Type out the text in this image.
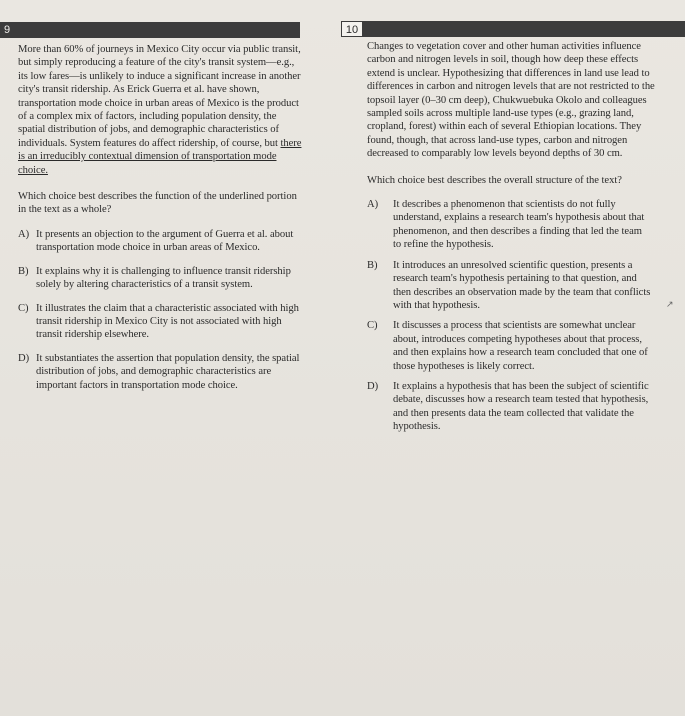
9	10

More than 60% of journeys in Mexico City occur via public transit, but simply reproducing a feature of the city's transit system—e.g., its low fares—is unlikely to induce a significant increase in another city's transit ridership. As Erick Guerra et al. have shown, transportation mode choice in urban areas of Mexico is the product of a complex mix of factors, including population density, the spatial distribution of jobs, and demographic characteristics of individuals. System features do affect ridership, of course, but there is an irreducibly contextual dimension of transportation mode choice.

Which choice best describes the function of the underlined portion in the text as a whole?
A) It presents an objection to the argument of Guerra et al. about transportation mode choice in urban areas of Mexico.
B) It explains why it is challenging to influence transit ridership solely by altering characteristics of a transit system.
C) It illustrates the claim that a characteristic associated with high transit ridership in Mexico City is not associated with high transit ridership elsewhere.
D) It substantiates the assertion that population density, the spatial distribution of jobs, and demographic characteristics are important factors in transportation mode choice.

Changes to vegetation cover and other human activities influence carbon and nitrogen levels in soil, though how deep these effects extend is unclear. Hypothesizing that differences in land use lead to differences in carbon and nitrogen levels that are not restricted to the topsoil layer (0–30 cm deep), Chukwuebuka Okolo and colleagues sampled soils across multiple land-use types (e.g., grazing land, cropland, forest) within each of several Ethiopian locations. They found, though, that across land-use types, carbon and nitrogen decreased to comparably low levels beyond depths of 30 cm.

Which choice best describes the overall structure of the text?
A)	It describes a phenomenon that scientists do not fully understand, explains a research team's hypothesis about that phenomenon, and then describes a finding that led the team to refine the hypothesis.
B)	It introduces an unresolved scientific question, presents a research team's hypothesis pertaining to that question, and then describes an observation made by the team that conflicts with that hypothesis.
C)	It discusses a process that scientists are somewhat unclear about, introduces competing hypotheses about that process, and then explains how a research team concluded that one of those hypotheses is likely correct.
D)	It explains a hypothesis that has been the subject of scientific debate, discusses how a research team tested that hypothesis, and then presents data the team collected that validate the hypothesis.
↗
